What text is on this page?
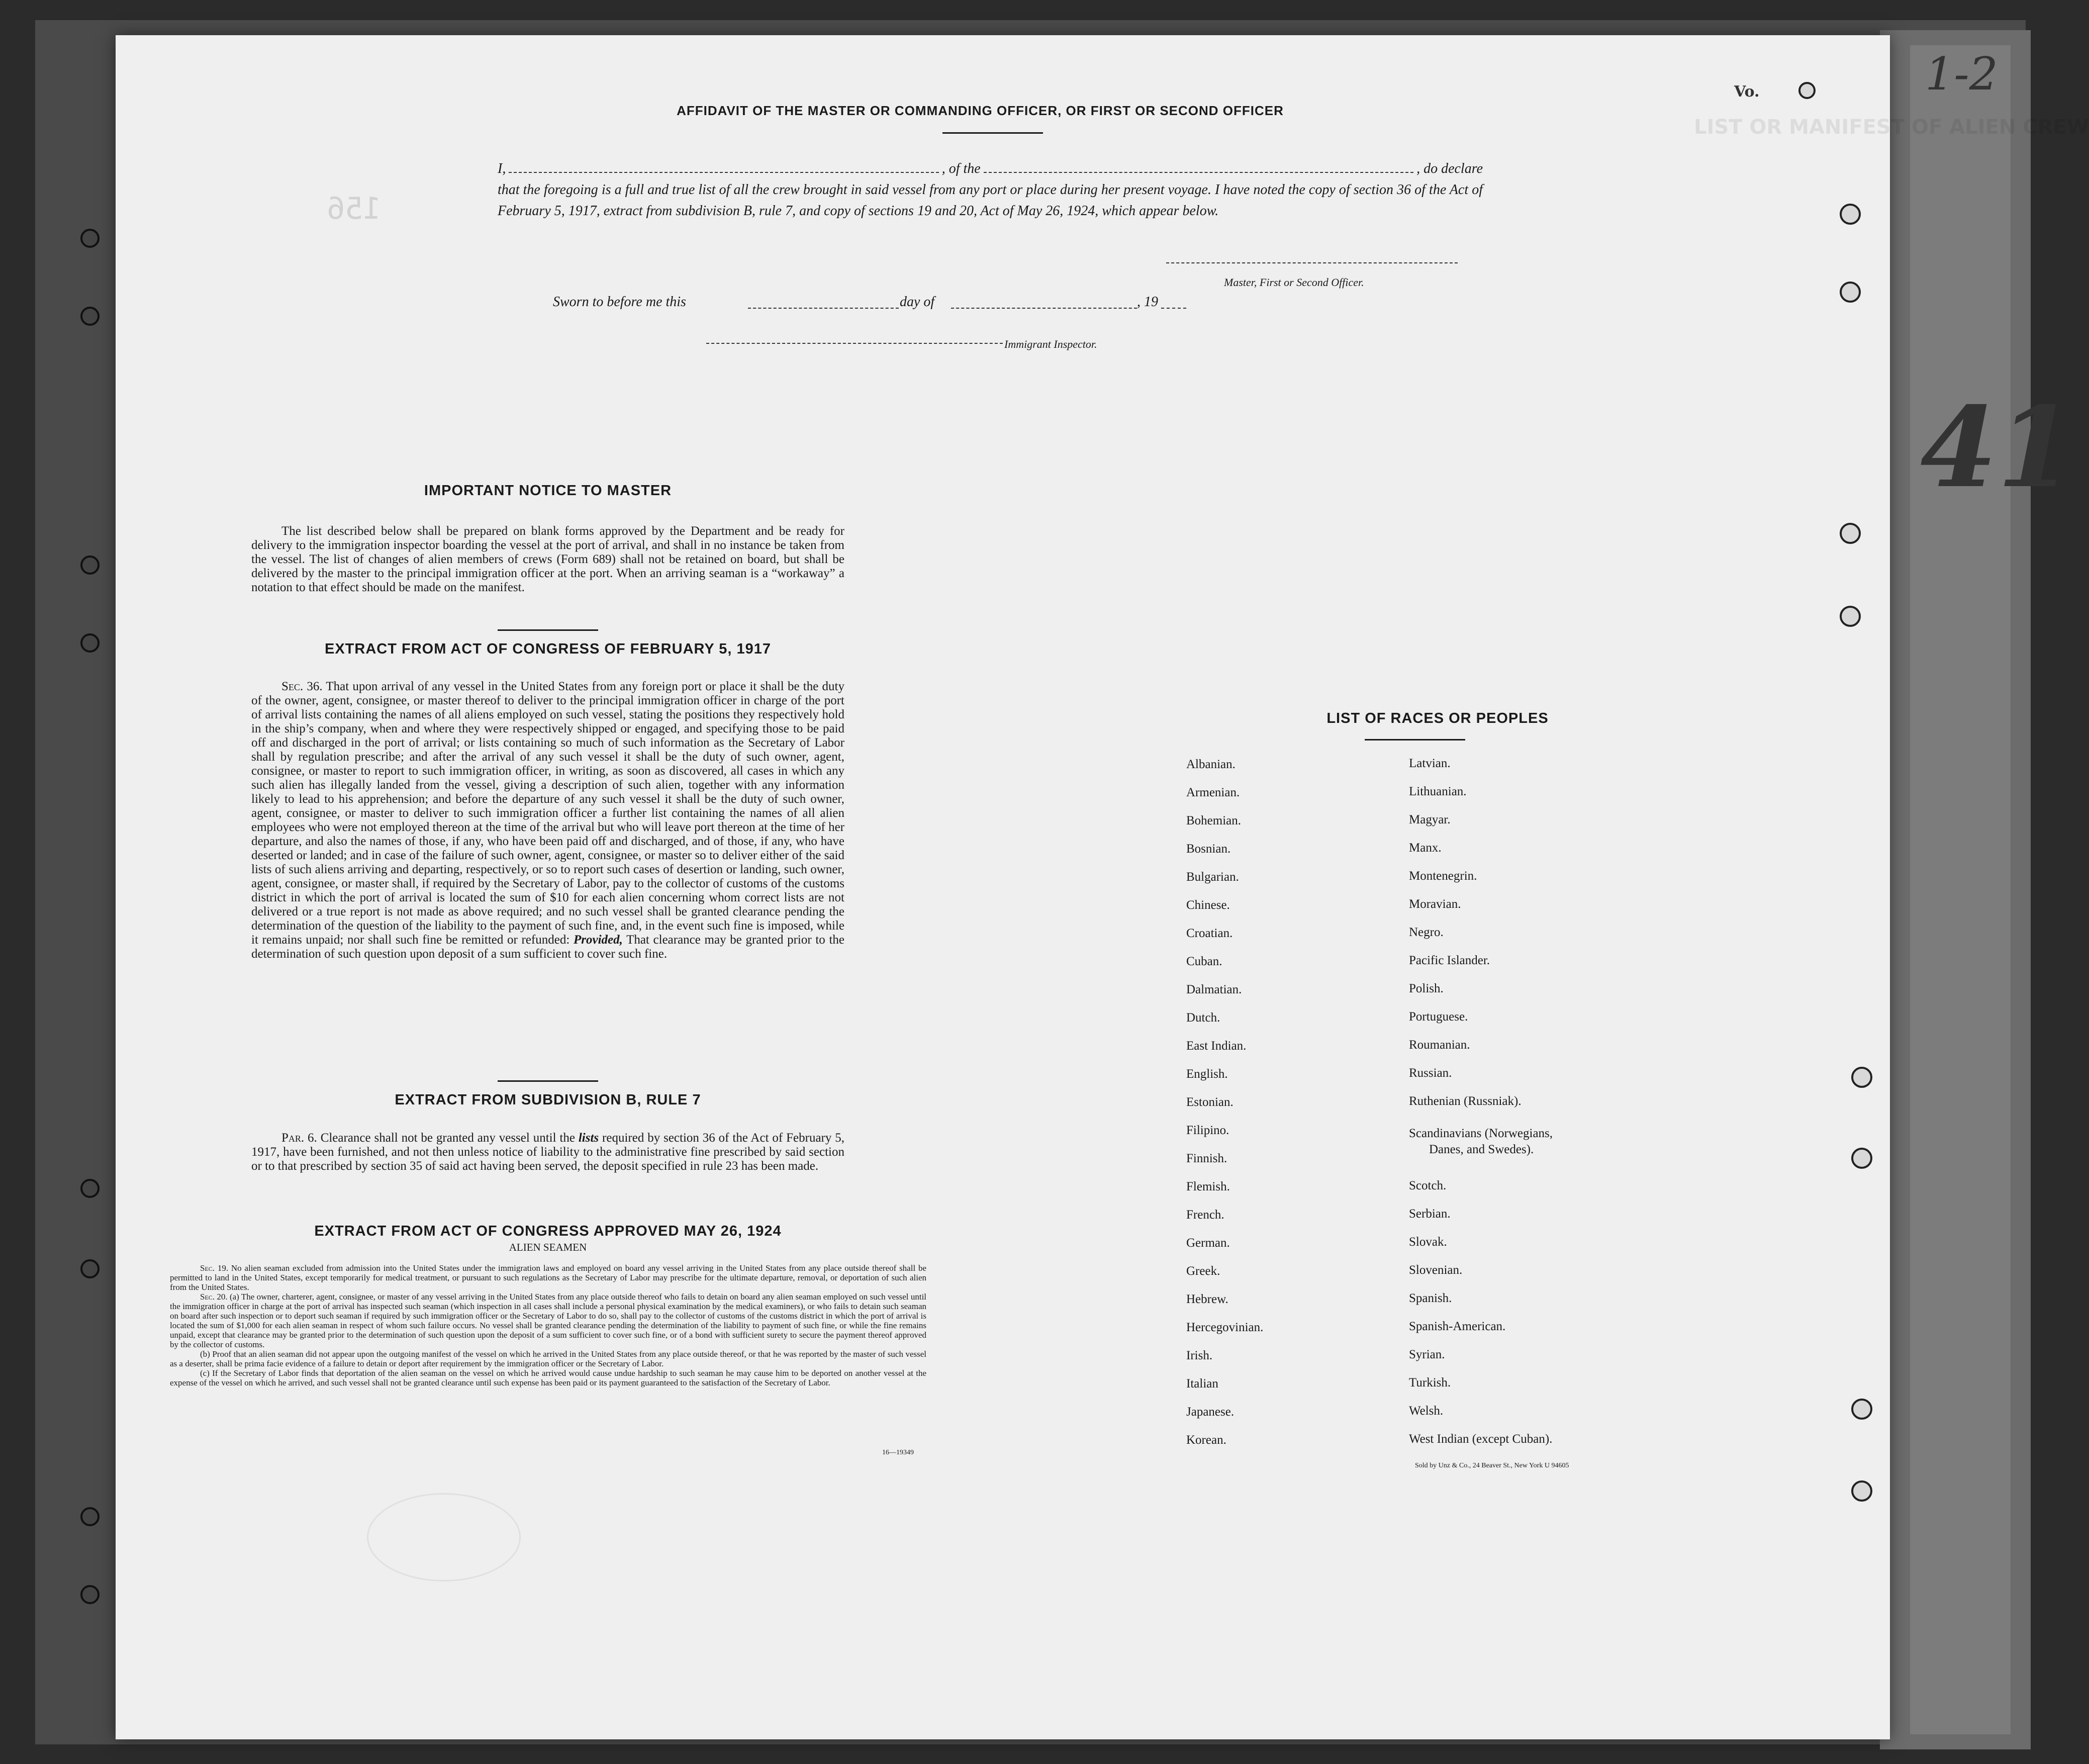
LIST OR MANIFEST OF ALIEN CREW
156
1-2
41
Vo.
AFFIDAVIT OF THE MASTER OR COMMANDING OFFICER, OR FIRST OR SECOND OFFICER
I,	, of the	, do declare
that the foregoing is a full and true list of all the crew brought in said vessel from any port or place during her present voyage. I have noted the copy of section 36 of the Act of February 5, 1917, extract from subdivision B, rule 7, and copy of sections 19 and 20, Act of May 26, 1924, which appear below.
Master, First or Second Officer.
Sworn to before me this	day of	, 19
Immigrant Inspector.
IMPORTANT NOTICE TO MASTER
The list described below shall be prepared on blank forms approved by the Department and be ready for delivery to the immigration inspector boarding the vessel at the port of arrival, and shall in no instance be taken from the vessel. The list of changes of alien members of crews (Form 689) shall not be retained on board, but shall be delivered by the master to the principal immigration officer at the port. When an arriving seaman is a “workaway” a notation to that effect should be made on the manifest.
EXTRACT FROM ACT OF CONGRESS OF FEBRUARY 5, 1917
Sec. 36. That upon arrival of any vessel in the United States from any foreign port or place it shall be the duty of the owner, agent, consignee, or master thereof to deliver to the principal immigration officer in charge of the port of arrival lists containing the names of all aliens employed on such vessel, stating the positions they respectively hold in the ship’s company, when and where they were respectively shipped or engaged, and specifying those to be paid off and discharged in the port of arrival; or lists containing so much of such information as the Secretary of Labor shall by regulation prescribe; and after the arrival of any such vessel it shall be the duty of such owner, agent, consignee, or master to report to such immigration officer, in writing, as soon as discovered, all cases in which any such alien has illegally landed from the vessel, giving a description of such alien, together with any information likely to lead to his apprehension; and before the departure of any such vessel it shall be the duty of such owner, agent, consignee, or master to deliver to such immigration officer a further list containing the names of all alien employees who were not employed thereon at the time of the arrival but who will leave port thereon at the time of her departure, and also the names of those, if any, who have been paid off and discharged, and of those, if any, who have deserted or landed; and in case of the failure of such owner, agent, consignee, or master so to deliver either of the said lists of such aliens arriving and departing, respectively, or so to report such cases of desertion or landing, such owner, agent, consignee, or master shall, if required by the Secretary of Labor, pay to the collector of customs of the customs district in which the port of arrival is located the sum of $10 for each alien concerning whom correct lists are not delivered or a true report is not made as above required; and no such vessel shall be granted clearance pending the determination of the question of the liability to the payment of such fine, and, in the event such fine is imposed, while it remains unpaid; nor shall such fine be remitted or refunded: Provided, That clearance may be granted prior to the determination of such question upon deposit of a sum sufficient to cover such fine.
EXTRACT FROM SUBDIVISION B, RULE 7
Par. 6. Clearance shall not be granted any vessel until the lists required by section 36 of the Act of February 5, 1917, have been furnished, and not then unless notice of liability to the administrative fine prescribed by said section or to that prescribed by section 35 of said act having been served, the deposit specified in rule 23 has been made.
EXTRACT FROM ACT OF CONGRESS APPROVED MAY 26, 1924
ALIEN SEAMEN
Sec. 19. No alien seaman excluded from admission into the United States under the immigration laws and employed on board any vessel arriving in the United States from any place outside thereof shall be permitted to land in the United States, except temporarily for medical treatment, or pursuant to such regulations as the Secretary of Labor may prescribe for the ultimate departure, removal, or deportation of such alien from the United States.
Sec. 20. (a) The owner, charterer, agent, consignee, or master of any vessel arriving in the United States from any place outside thereof who fails to detain on board any alien seaman employed on such vessel until the immigration officer in charge at the port of arrival has inspected such seaman (which inspection in all cases shall include a personal physical examination by the medical examiners), or who fails to detain such seaman on board after such inspection or to deport such seaman if required by such immigration officer or the Secretary of Labor to do so, shall pay to the collector of customs of the customs district in which the port of arrival is located the sum of $1,000 for each alien seaman in respect of whom such failure occurs. No vessel shall be granted clearance pending the determination of the liability to payment of such fine, or while the fine remains unpaid, except that clearance may be granted prior to the determination of such question upon the deposit of a sum sufficient to cover such fine, or of a bond with sufficient surety to secure the payment thereof approved by the collector of customs.
(b) Proof that an alien seaman did not appear upon the outgoing manifest of the vessel on which he arrived in the United States from any place outside thereof, or that he was reported by the master of such vessel as a deserter, shall be prima facie evidence of a failure to detain or deport after requirement by the immigration officer or the Secretary of Labor.
(c) If the Secretary of Labor finds that deportation of the alien seaman on the vessel on which he arrived would cause undue hardship to such seaman he may cause him to be deported on another vessel at the expense of the vessel on which he arrived, and such vessel shall not be granted clearance until such expense has been paid or its payment guaranteed to the satisfaction of the Secretary of Labor.
16—19349
LIST OF RACES OR PEOPLES
Albanian.
Armenian.
Bohemian.
Bosnian.
Bulgarian.
Chinese.
Croatian.
Cuban.
Dalmatian.
Dutch.
East Indian.
English.
Estonian.
Filipino.
Finnish.
Flemish.
French.
German.
Greek.
Hebrew.
Hercegovinian.
Irish.
Italian
Japanese.
Korean.
Latvian.
Lithuanian.
Magyar.
Manx.
Montenegrin.
Moravian.
Negro.
Pacific Islander.
Polish.
Portuguese.
Roumanian.
Russian.
Ruthenian (Russniak).
Scandinavians (Norwegians,
Danes, and Swedes).
Scotch.
Serbian.
Slovak.
Slovenian.
Spanish.
Spanish-American.
Syrian.
Turkish.
Welsh.
West Indian (except Cuban).
Sold by Unz & Co., 24 Beaver St., New York U 94605
